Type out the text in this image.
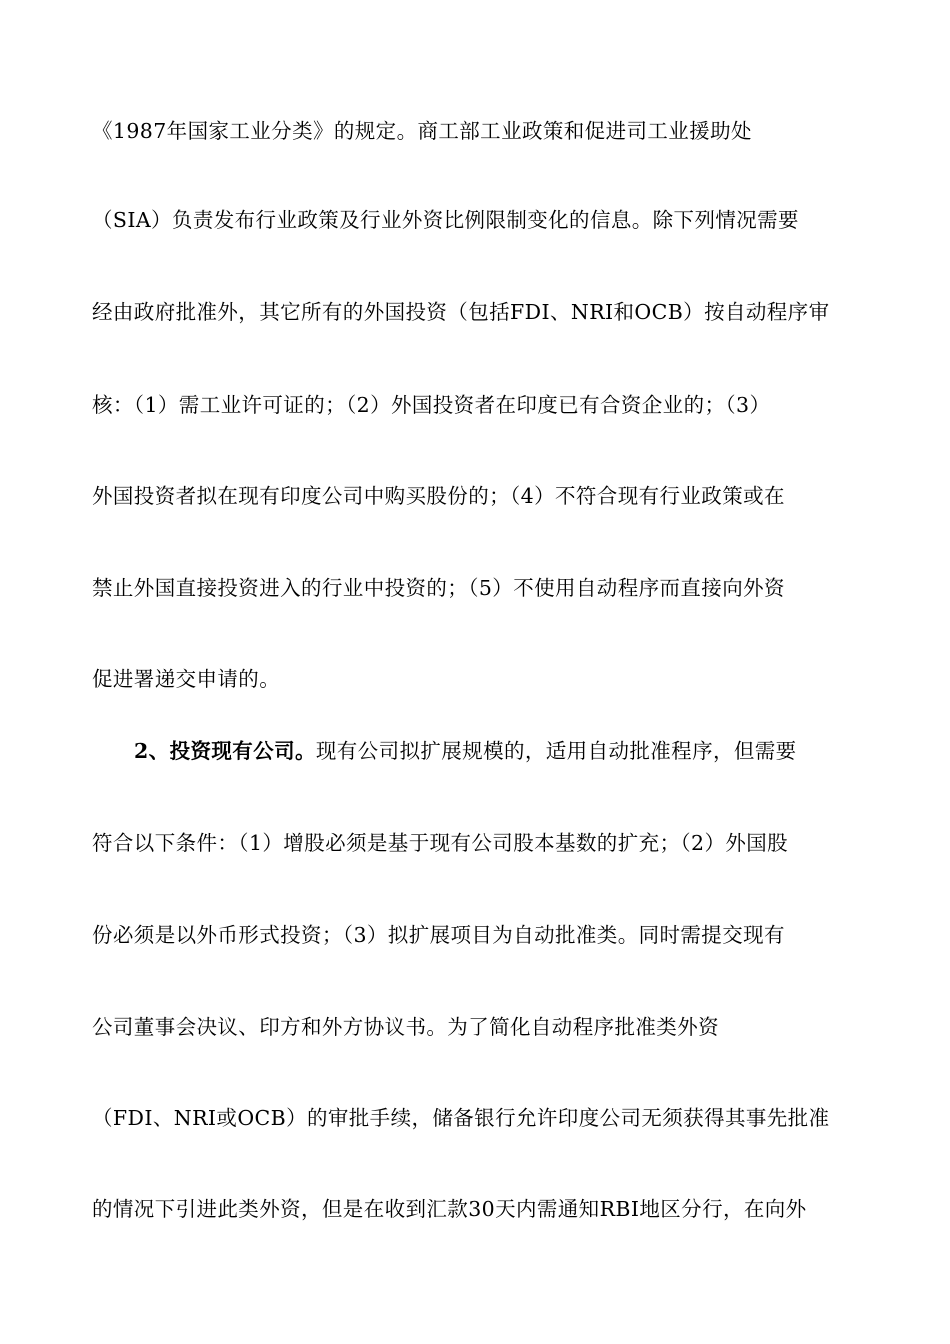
《1987年国家工业分类》的规定。商工部工业政策和促进司工业援助处
（SIA）负责发布行业政策及行业外资比例限制变化的信息。除下列情况需要
经由政府批准外，其它所有的外国投资（包括FDI、NRI和OCB）按自动程序审
核：（1）需工业许可证的；（2）外国投资者在印度已有合资企业的；（3）
外国投资者拟在现有印度公司中购买股份的；（4）不符合现有行业政策或在
禁止外国直接投资进入的行业中投资的；（5）不使用自动程序而直接向外资
促进署递交申请的。
2、投资现有公司。现有公司拟扩展规模的，适用自动批准程序，但需要
符合以下条件：（1）增股必须是基于现有公司股本基数的扩充；（2）外国股
份必须是以外币形式投资；（3）拟扩展项目为自动批准类。同时需提交现有
公司董事会决议、印方和外方协议书。为了简化自动程序批准类外资
（FDI、NRI或OCB）的审批手续，储备银行允许印度公司无须获得其事先批准
的情况下引进此类外资，但是在收到汇款30天内需通知RBI地区分行，在向外
